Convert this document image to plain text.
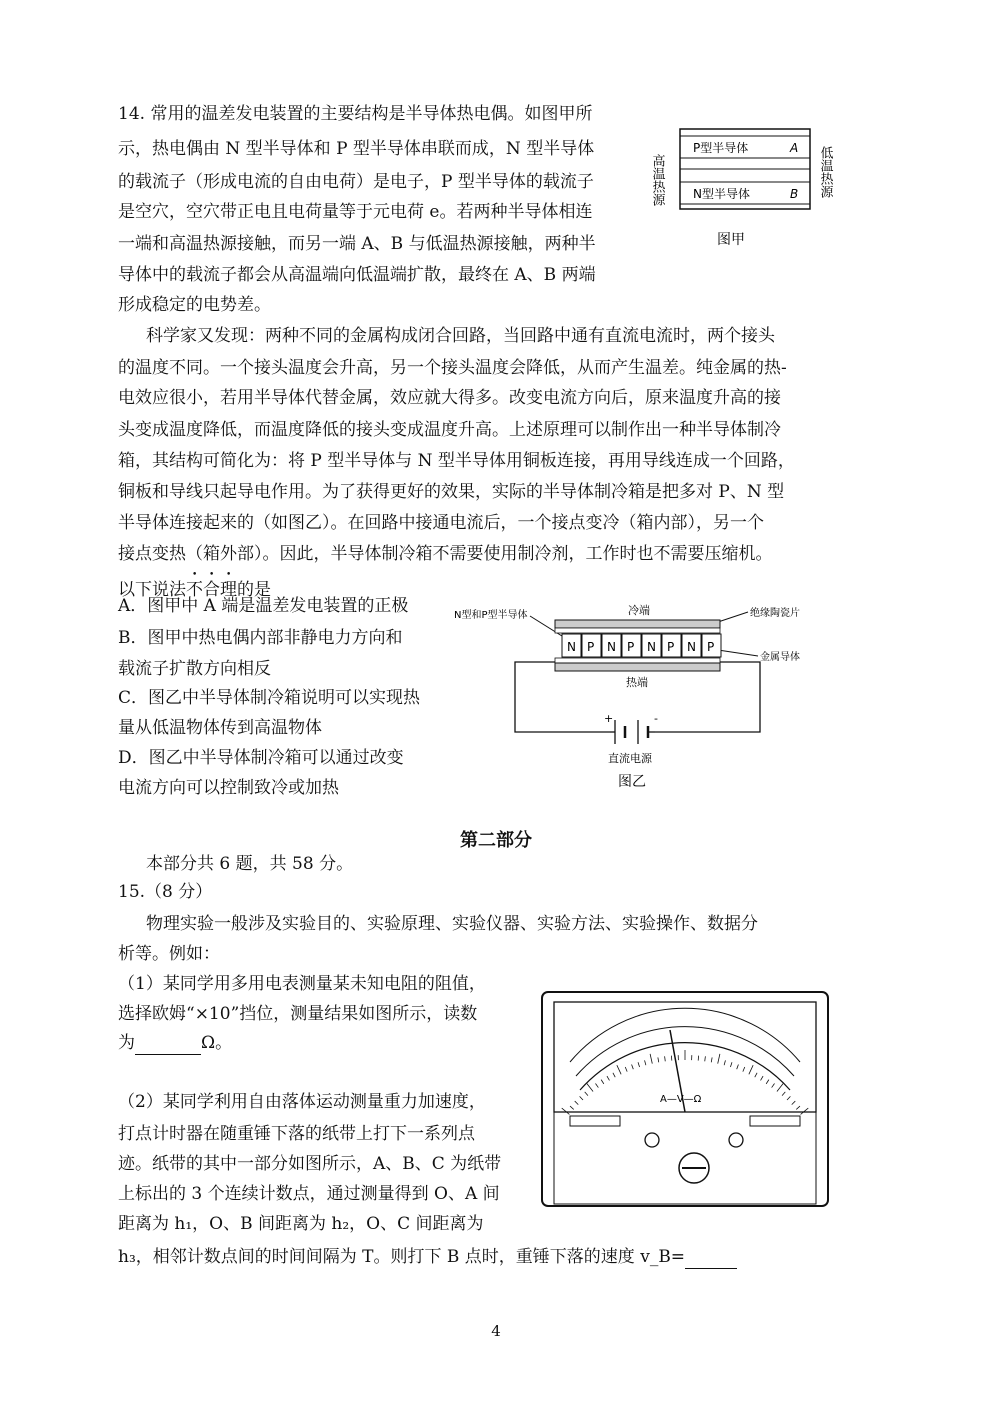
14. 常用的温差发电装置的主要结构是半导体热电偶。如图甲所
示，热电偶由 N 型半导体和 P 型半导体串联而成，N 型半导体
的载流子（形成电流的自由电荷）是电子，P 型半导体的载流子
是空穴，空穴带正电且电荷量等于元电荷 e。若两种半导体相连
一端和高温热源接触，而另一端 A、B 与低温热源接触，两种半
导体中的载流子都会从高温端向低温端扩散，最终在 A、B 两端
形成稳定的电势差。
高温热源
P型半导体	A
N型半导体	B 低温热源
图甲
科学家又发现：两种不同的金属构成闭合回路，当回路中通有直流电流时，两个接头
的温度不同。一个接头温度会升高，另一个接头温度会降低，从而产生温差。纯金属的热-
电效应很小，若用半导体代替金属，效应就大得多。改变电流方向后，原来温度升高的接
头变成温度降低，而温度降低的接头变成温度升高。上述原理可以制作出一种半导体制冷
箱，其结构可简化为：将 P 型半导体与 N 型半导体用铜板连接，再用导线连成一个回路，
铜板和导线只起导电作用。为了获得更好的效果，实际的半导体制冷箱是把多对 P、N 型
半导体连接起来的（如图乙）。在回路中接通电流后，一个接点变冷（箱内部），另一个
接点变热（箱外部）。因此，半导体制冷箱不需要使用制冷剂，工作时也不需要压缩机。
以下说法不合理的是
A．图甲中 A 端是温差发电装置的正极
B．图甲中热电偶内部非静电力方向和
载流子扩散方向相反
C．图乙中半导体制冷箱说明可以实现热
量从低温物体传到高温物体
D．图乙中半导体制冷箱可以通过改变
电流方向可以控制致冷或加热
N型和P型半导体	冷端	绝缘陶瓷片
金属导体
N P N P N P N P
热端
+	-
直流电源
图乙
第二部分
本部分共 6 题，共 58 分。
15.（8 分）
物理实验一般涉及实验目的、实验原理、实验仪器、实验方法、实验操作、数据分
析等。例如：
（1）某同学用多用电表测量某未知电阻的阻值，
选择欧姆“×10”挡位，测量结果如图所示，读数
为	Ω。
（2）某同学利用自由落体运动测量重力加速度，
打点计时器在随重锤下落的纸带上打下一系列点
迹。纸带的其中一部分如图所示，A、B、C 为纸带
上标出的 3 个连续计数点，通过测量得到 O、A 间
距离为 h₁，O、B 间距离为 h₂，O、C 间距离为
h₃，相邻计数点间的时间间隔为 T。则打下 B 点时，重锤下落的速度 v_B=
A—V—Ω
4
